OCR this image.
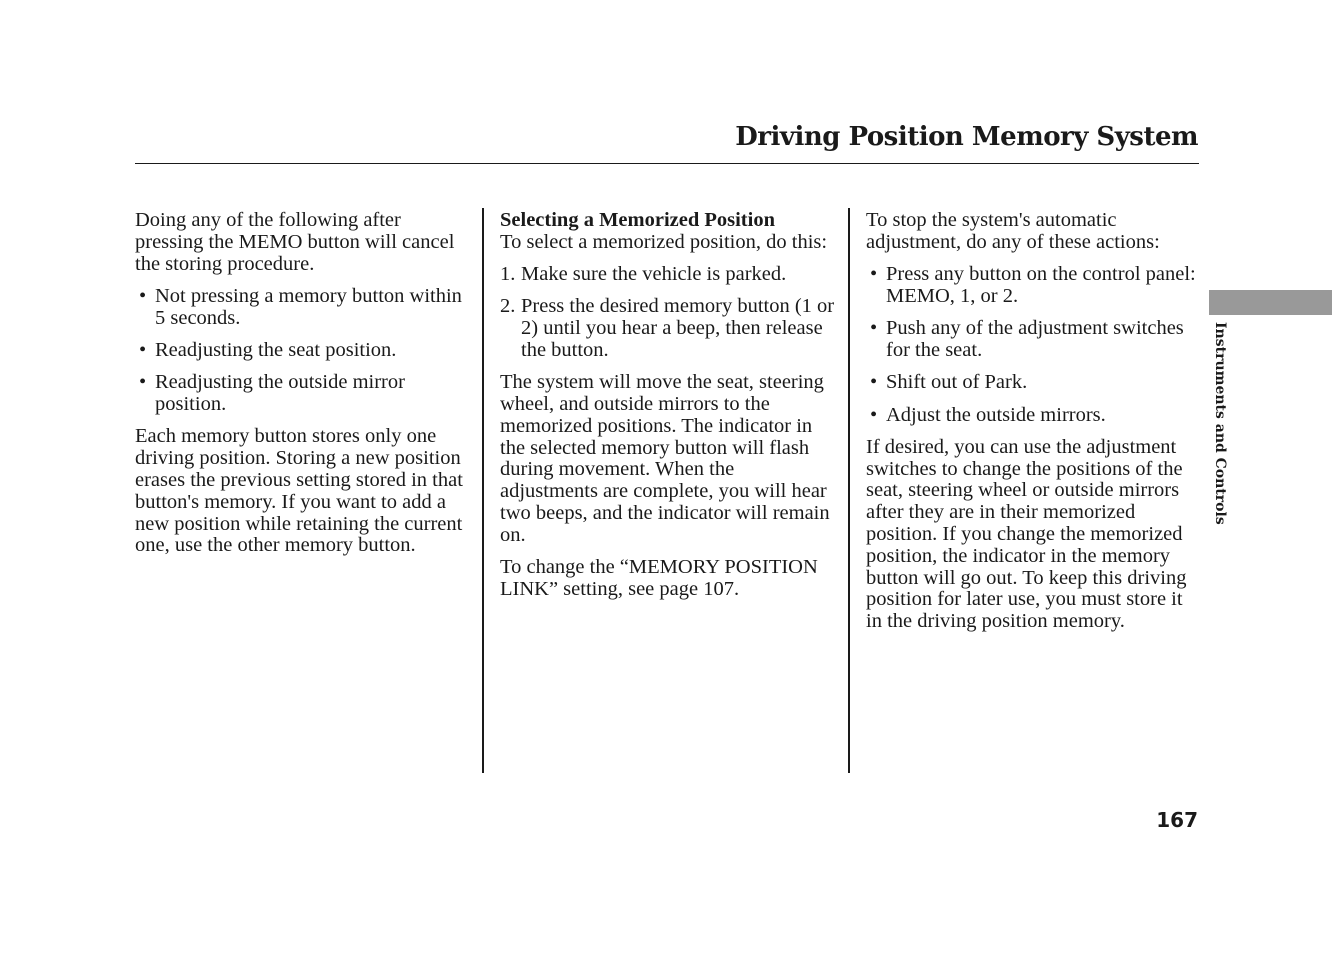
Driving Position Memory System

Doing any of the following after pressing the MEMO button will cancel the storing procedure.

• Not pressing a memory button within 5 seconds.
• Readjusting the seat position.
• Readjusting the outside mirror position.

Each memory button stores only one driving position. Storing a new position erases the previous setting stored in that button's memory. If you want to add a new position while retaining the current one, use the other memory button.

Selecting a Memorized Position
To select a memorized position, do this:

1. Make sure the vehicle is parked.
2. Press the desired memory button (1 or 2) until you hear a beep, then release the button.

The system will move the seat, steering wheel, and outside mirrors to the memorized positions. The indicator in the selected memory button will flash during movement. When the adjustments are complete, you will hear two beeps, and the indicator will remain on.

To change the “MEMORY POSITION LINK” setting, see page 107.

To stop the system's automatic adjustment, do any of these actions:

• Press any button on the control panel: MEMO, 1, or 2.
• Push any of the adjustment switches for the seat.
• Shift out of Park.
• Adjust the outside mirrors.

If desired, you can use the adjustment switches to change the positions of the seat, steering wheel or outside mirrors after they are in their memorized position. If you change the memorized position, the indicator in the memory button will go out. To keep this driving position for later use, you must store it in the driving position memory.

Instruments and Controls

167
